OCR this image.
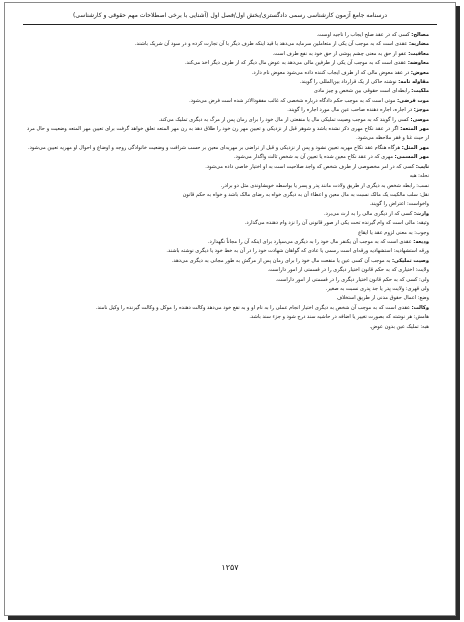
درسنامه جامع آزمون کارشناسی رسمی دادگستری/بخش اول/فصل اول (آشنایی با برخی اصطلاحات مهم حقوقی و کارشناسی)

مصالح: کسی که در عقد صلح ایجاب را ناجیه اوست.

مضاربه: عقدی است که به موجب آن یکی از متعاملین سرمایه می‌دهد با قید اینکه طرف دیگر با آن تجارت کرده و در سود آن شریک باشند.

معافیت: عفو از حق به معنی چشم پوشی از حق خود به نفع طرف است.

معاوضه: عقدی است که به موجب آن یکی از طرفین مالی می‌دهد به عوض مال دیگر که از طرف دیگر اخذ می‌کند.

معوض: در عقد معوض مالی که از طرف ایجاب کننده داده می‌شود معوض نام دارد.

مقاوله نامه: نوشته حاکی از یک قرارداد بین‌المللی را گویند.

ملکیت: رابطه‌ای است حقوقی بین شخص و چیز مادی

موت فرضی: موتی است که به موجب حکم دادگاه درباره شخصی که غائب مفقودالاثر شده است فرض می‌شود.

موجز: در اجاره، اجاره دهنده صاحب عین مال مورد اجاره را گویند.

موصی: کسی را گویند که به موجب وصیت تملیکی مال یا منفعتی از مال خود را برای زمان پس از مرگ به دیگری تملیک می‌کند.

مهر المتعه: اگر در عقد نکاح مهری ذکر نشده باشد و شوهر قبل از نزدیکی و تعیین مهر زن خود را طلاق دهد به زن مهر المتعه تعلق خواهد گرفت برای تعیین مهر المتعه وضعیت و حال مرد از حیث غنا و فقر ملاحظه می‌شود.

مهر المثل: هرگاه هنگام عقد نکاح مهریه تعیین نشود و پس از نزدیکی و قبل از تراضی بر مهریه‌ای معین بر حسب شرافت و وضعیت خانوادگی زوجه و اوضاع و احوال او مهریه تعیین می‌شود.

مهر المسمی: مهری که در عقد نکاح معین شده یا تعیین آن به شخص ثالث واگذار می‌شود.

نایب: کسی که در امر مخصوصی از طرف شخص که واجد صلاحیت است به او اختیار خاصی داده می‌شود.

نحله: هبه

نسب: رابطه شخص به دیگری از طریق ولادت مانند پدر و پسر یا بواسطه خویشاوندی مثل دو برادر.

نقل: سلب مالکیت یک مالک نسبت به مال معین و اعطاء آن به دیگری خواه به رضای مالک باشد و خواه به حکم قانون

واخواست: اعتراض را گویند.

وارث: کسی که از دیگری مالی را به ارث می‌برد.

وثیقه: مالی است که وام گیرنده تحت یکی از صور قانونی آن را نزد وام دهنده می‌گذارد.

وجوب: به معنی لزوم عقد یا ایقاع

ودیعه: عقدی است که به موجب آن یکنفر مال خود را به دیگری می‌سپارد برای اینکه آن را مجاناً نگهدارد.

ورقه استشهادیه: استشهادیه ورقه‌ای است رسمی یا عادی که گواهان شهادت خود را در آن به خط خود یا دیگری نوشته باشند.

وصیت تملیکی: به موجب آن کسی عین یا منفعت مال خود را برای زمان پس از مرگش به طور مجانی به دیگری می‌دهد.

ولایت: اختیاری که به حکم قانون اختیار دیگری را در قسمتی از امور داراست.

ولی: کسی که به حکم قانون اختیار دیگری را در قسمتی از امور داراست.

ولی قهری: ولایت پدر یا جد پدری نسبت به صغیر.

وضع: اعمال حقوق مدنی از طریق استخلاف

وکالت: عقدی است که به موجب آن شخص به دیگری اختیار انجام عملی را به نام او و به نفع خود می‌دهد وکالت دهنده را موکل و وکالت گیرنده را وکیل نامند.

هامش: هر نوشته که بصورت تغییر یا اضافه در حاشیه سند درج شود و جزء سند باشد.

هبه: تملیک عین بدون عوض.

۱۲۵۷
